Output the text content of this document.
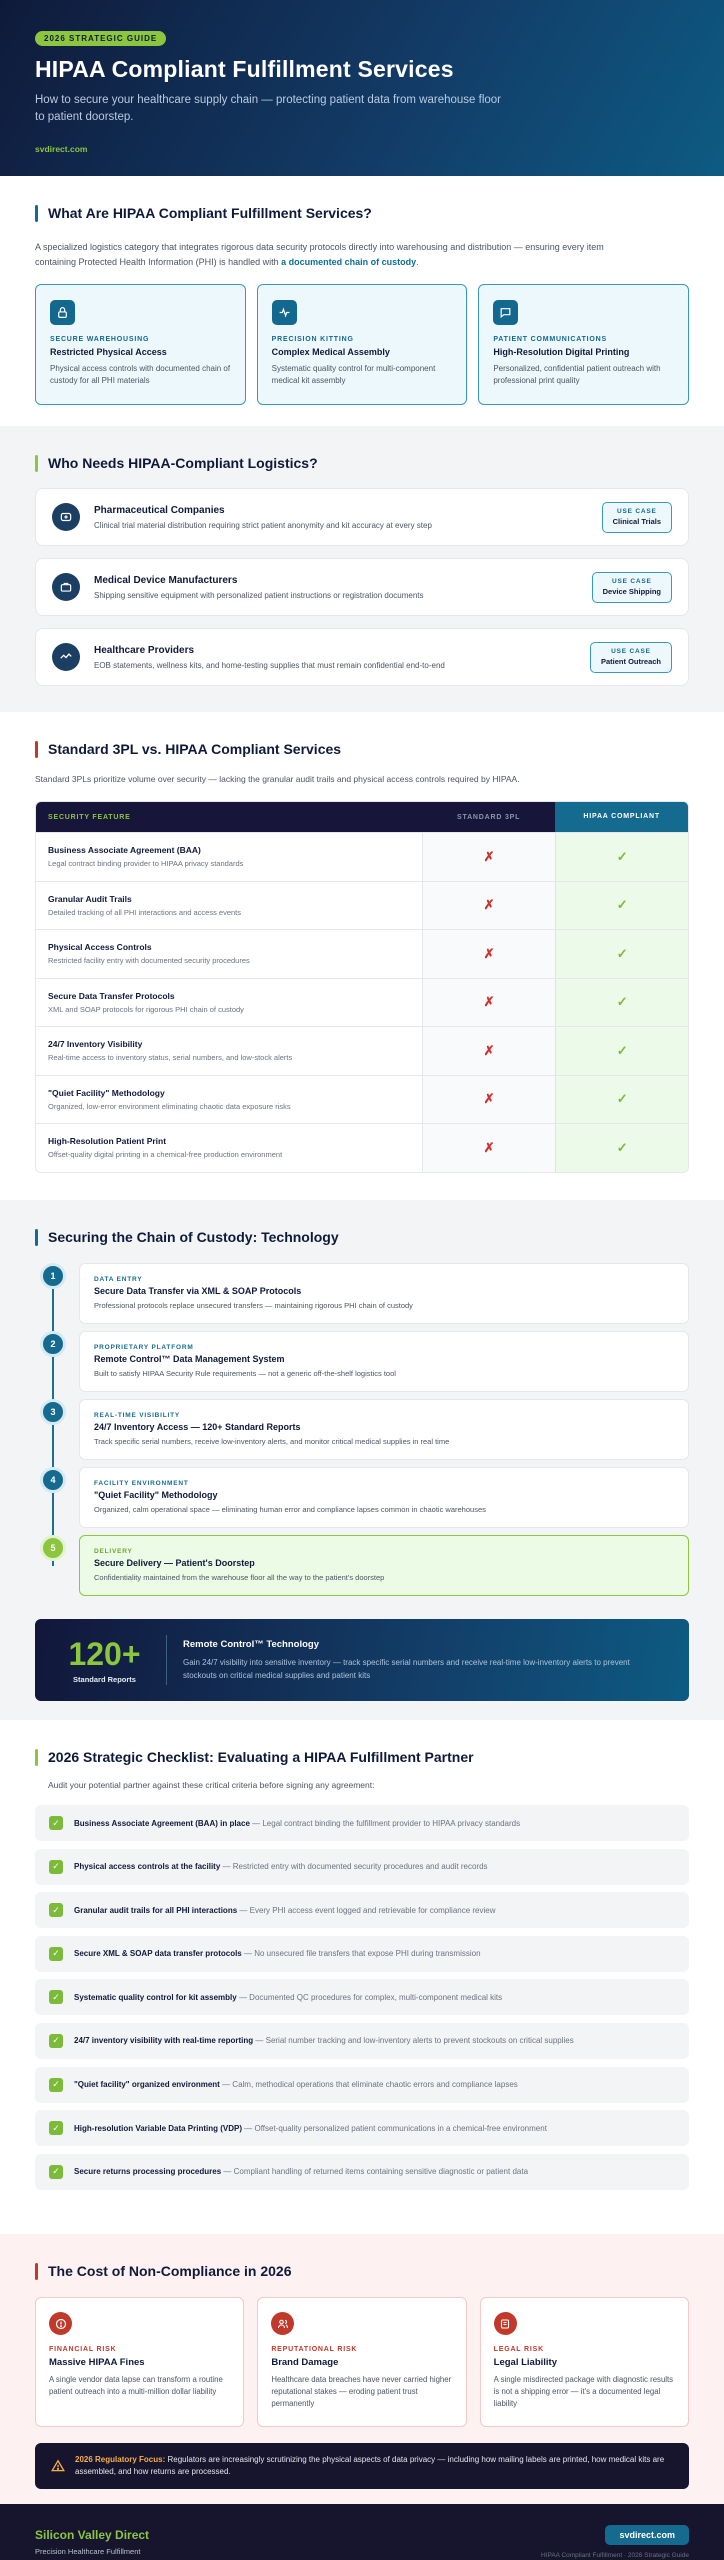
2026 STRATEGIC GUIDE
HIPAA Compliant Fulfillment Services
How to secure your healthcare supply chain — protecting patient data from warehouse floor to patient doorstep.
svdirect.com
What Are HIPAA Compliant Fulfillment Services?
A specialized logistics category that integrates rigorous data security protocols directly into warehousing and distribution — ensuring every item containing Protected Health Information (PHI) is handled with a documented chain of custody.
SECURE WAREHOUSING
Restricted Physical Access
Physical access controls with documented chain of custody for all PHI materials
PRECISION KITTING
Complex Medical Assembly
Systematic quality control for multi-component medical kit assembly
PATIENT COMMUNICATIONS
High-Resolution Digital Printing
Personalized, confidential patient outreach with professional print quality
Who Needs HIPAA-Compliant Logistics?
Pharmaceutical Companies
Clinical trial material distribution requiring strict patient anonymity and kit accuracy at every step
USE CASE
Clinical Trials
Medical Device Manufacturers
Shipping sensitive equipment with personalized patient instructions or registration documents
USE CASE
Device Shipping
Healthcare Providers
EOB statements, wellness kits, and home-testing supplies that must remain confidential end-to-end
USE CASE
Patient Outreach
Standard 3PL vs. HIPAA Compliant Services
Standard 3PLs prioritize volume over security — lacking the granular audit trails and physical access controls required by HIPAA.
SECURITY FEATURE	STANDARD 3PL	HIPAA COMPLIANT
Business Associate Agreement (BAA)
Legal contract binding provider to HIPAA privacy standards	✗	✓
Granular Audit Trails
Detailed tracking of all PHI interactions and access events	✗	✓
Physical Access Controls
Restricted facility entry with documented security procedures	✗	✓
Secure Data Transfer Protocols
XML and SOAP protocols for rigorous PHI chain of custody	✗	✓
24/7 Inventory Visibility
Real-time access to inventory status, serial numbers, and low-stock alerts	✗	✓
"Quiet Facility" Methodology
Organized, low-error environment eliminating chaotic data exposure risks	✗	✓
High-Resolution Patient Print
Offset-quality digital printing in a chemical-free production environment	✗	✓
Securing the Chain of Custody: Technology
1	DATA ENTRY
Secure Data Transfer via XML & SOAP Protocols
Professional protocols replace unsecured transfers — maintaining rigorous PHI chain of custody
2	PROPRIETARY PLATFORM
Remote Control™ Data Management System
Built to satisfy HIPAA Security Rule requirements — not a generic off-the-shelf logistics tool
3	REAL-TIME VISIBILITY
24/7 Inventory Access — 120+ Standard Reports
Track specific serial numbers, receive low-inventory alerts, and monitor critical medical supplies in real time
4	FACILITY ENVIRONMENT
"Quiet Facility" Methodology
Organized, calm operational space — eliminating human error and compliance lapses common in chaotic warehouses
5	DELIVERY
Secure Delivery — Patient's Doorstep
Confidentiality maintained from the warehouse floor all the way to the patient's doorstep
120+
Standard Reports
Remote Control™ Technology
Gain 24/7 visibility into sensitive inventory — track specific serial numbers and receive real-time low-inventory alerts to prevent stockouts on critical medical supplies and patient kits
2026 Strategic Checklist: Evaluating a HIPAA Fulfillment Partner
Audit your potential partner against these critical criteria before signing any agreement:
✓	Business Associate Agreement (BAA) in place — Legal contract binding the fulfillment provider to HIPAA privacy standards
✓	Physical access controls at the facility — Restricted entry with documented security procedures and audit records
✓	Granular audit trails for all PHI interactions — Every PHI access event logged and retrievable for compliance review
✓	Secure XML & SOAP data transfer protocols — No unsecured file transfers that expose PHI during transmission
✓	Systematic quality control for kit assembly — Documented QC procedures for complex, multi-component medical kits
✓	24/7 inventory visibility with real-time reporting — Serial number tracking and low-inventory alerts to prevent stockouts on critical supplies
✓	"Quiet facility" organized environment — Calm, methodical operations that eliminate chaotic errors and compliance lapses
✓	High-resolution Variable Data Printing (VDP) — Offset-quality personalized patient communications in a chemical-free environment
✓	Secure returns processing procedures — Compliant handling of returned items containing sensitive diagnostic or patient data
The Cost of Non-Compliance in 2026
FINANCIAL RISK
Massive HIPAA Fines
A single vendor data lapse can transform a routine patient outreach into a multi-million dollar liability
REPUTATIONAL RISK
Brand Damage
Healthcare data breaches have never carried higher reputational stakes — eroding patient trust permanently
LEGAL RISK
Legal Liability
A single misdirected package with diagnostic results is not a shipping error — it's a documented legal liability
2026 Regulatory Focus: Regulators are increasingly scrutinizing the physical aspects of data privacy — including how mailing labels are printed, how medical kits are assembled, and how returns are processed.
Silicon Valley Direct
Precision Healthcare Fulfillment
svdirect.com
HIPAA Compliant Fulfillment · 2026 Strategic Guide
